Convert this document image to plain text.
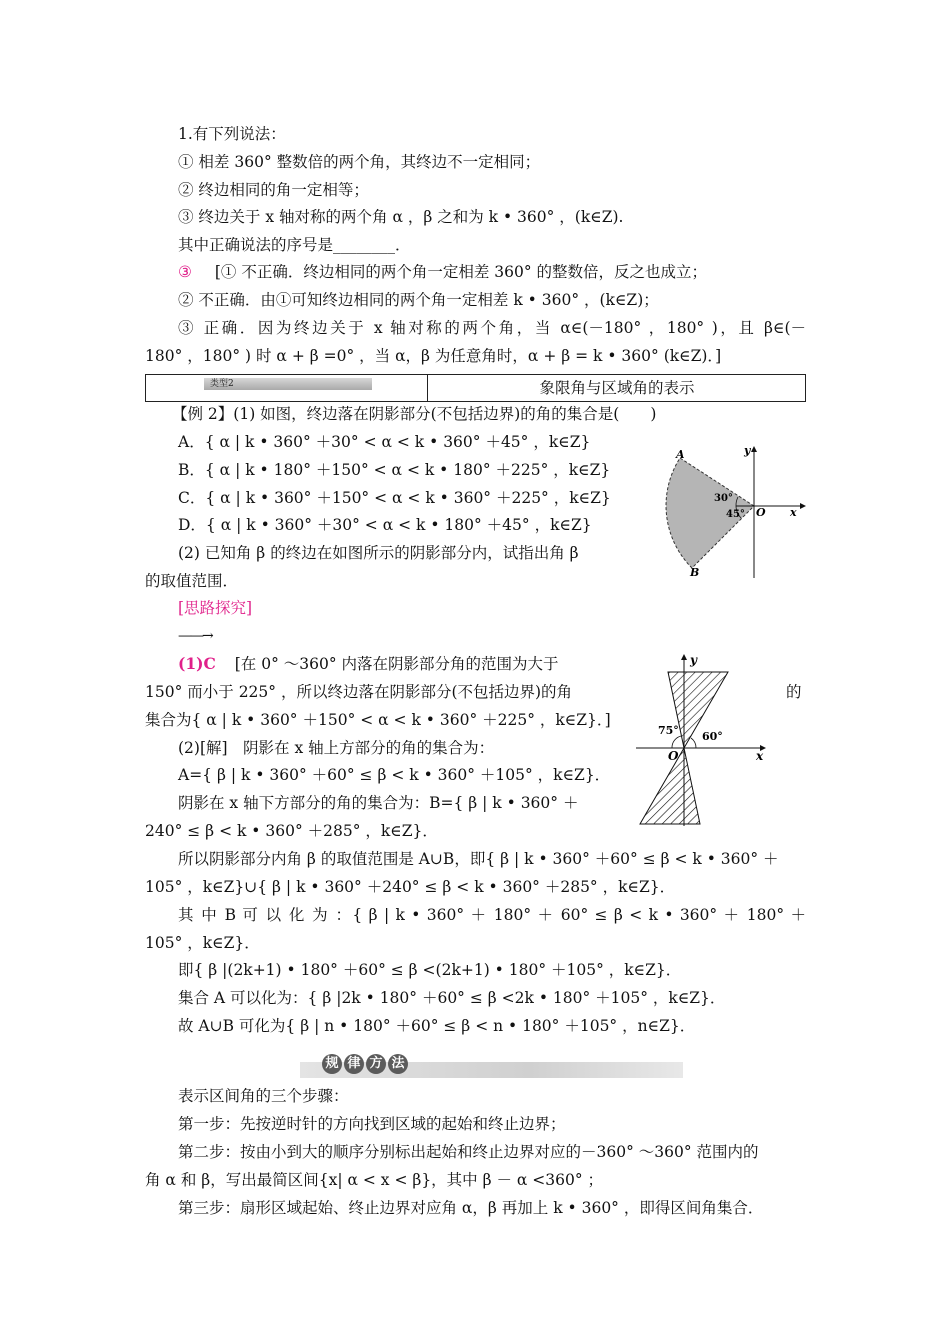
1.有下列说法：
① 相差 360° 整数倍的两个角，其终边不一定相同；
② 终边相同的角一定相等；
③ 终边关于 x 轴对称的两个角 α ，β 之和为 k • 360° ，(k∈Z).
其中正确说法的序号是________．
③ [① 不正确．终边相同的两个角一定相差 360° 的整数倍，反之也成立；
② 不正确．由①可知终边相同的两个角一定相差 k • 360° ，(k∈Z)；
③ 正确．因为终边关于 x 轴对称的两个角，当 α∈(－180° ，180° )，且 β∈(－
180° ，180° ) 时 α + β =0° ，当 α，β 为任意角时，α + β = k • 360° (k∈Z)．]
类型2	象限角与区域角的表示
【例 2】(1) 如图，终边落在阴影部分(不包括边界)的角的集合是(　　)
A．{ α | k • 360° ＋30° < α < k • 360° ＋45° ，k∈Z}
B．{ α | k • 180° ＋150° < α < k • 180° ＋225° ，k∈Z}
C．{ α | k • 360° ＋150° < α < k • 360° ＋225° ，k∈Z}
D．{ α | k • 360° ＋30° < α < k • 180° ＋45° ，k∈Z}
(2) 已知角 β 的终边在如图所示的阴影部分内，试指出角 β
的取值范围．
[思路探究]
——→
A
B
O x
y
30°
45°
(1)C [在 0° ～360° 内落在阴影部分角的范围为大于
150° 而小于 225° ，所以终边落在阴影部分(不包括边界)的角	的
集合为{ α | k • 360° ＋150° < α < k • 360° ＋225° ，k∈Z}．]
(2)[解]　阴影在 x 轴上方部分的角的集合为：
A={ β | k • 360° ＋60° ≤ β < k • 360° ＋105° ，k∈Z}．
阴影在 x 轴下方部分的角的集合为：B={ β | k • 360° ＋
240° ≤ β < k • 360° ＋285° ，k∈Z}．
所以阴影部分内角 β 的取值范围是 A∪B，即{ β | k • 360° ＋60° ≤ β < k • 360° ＋
105° ，k∈Z}∪{ β | k • 360° ＋240° ≤ β < k • 360° ＋285° ，k∈Z}．
其 中 B 可 以 化 为 ：{ β | k • 360° ＋ 180° ＋ 60° ≤ β < k • 360° ＋ 180° ＋
105° ，k∈Z}．
即{ β |(2k+1) • 180° ＋60° ≤ β <(2k+1) • 180° ＋105° ，k∈Z}．
集合 A 可以化为：{ β |2k • 180° ＋60° ≤ β <2k • 180° ＋105° ，k∈Z}．
故 A∪B 可化为{ β | n • 180° ＋60° ≤ β < n • 180° ＋105° ，n∈Z}．
75° 60°
O	x
y
规 律 方 法
表示区间角的三个步骤：
第一步：先按逆时针的方向找到区域的起始和终止边界；
第二步：按由小到大的顺序分别标出起始和终止边界对应的－360° ～360° 范围内的
角 α 和 β，写出最简区间{x| α < x < β}，其中 β － α <360° ；
第三步：扇形区域起始、终止边界对应角 α，β 再加上 k • 360° ，即得区间角集合．
